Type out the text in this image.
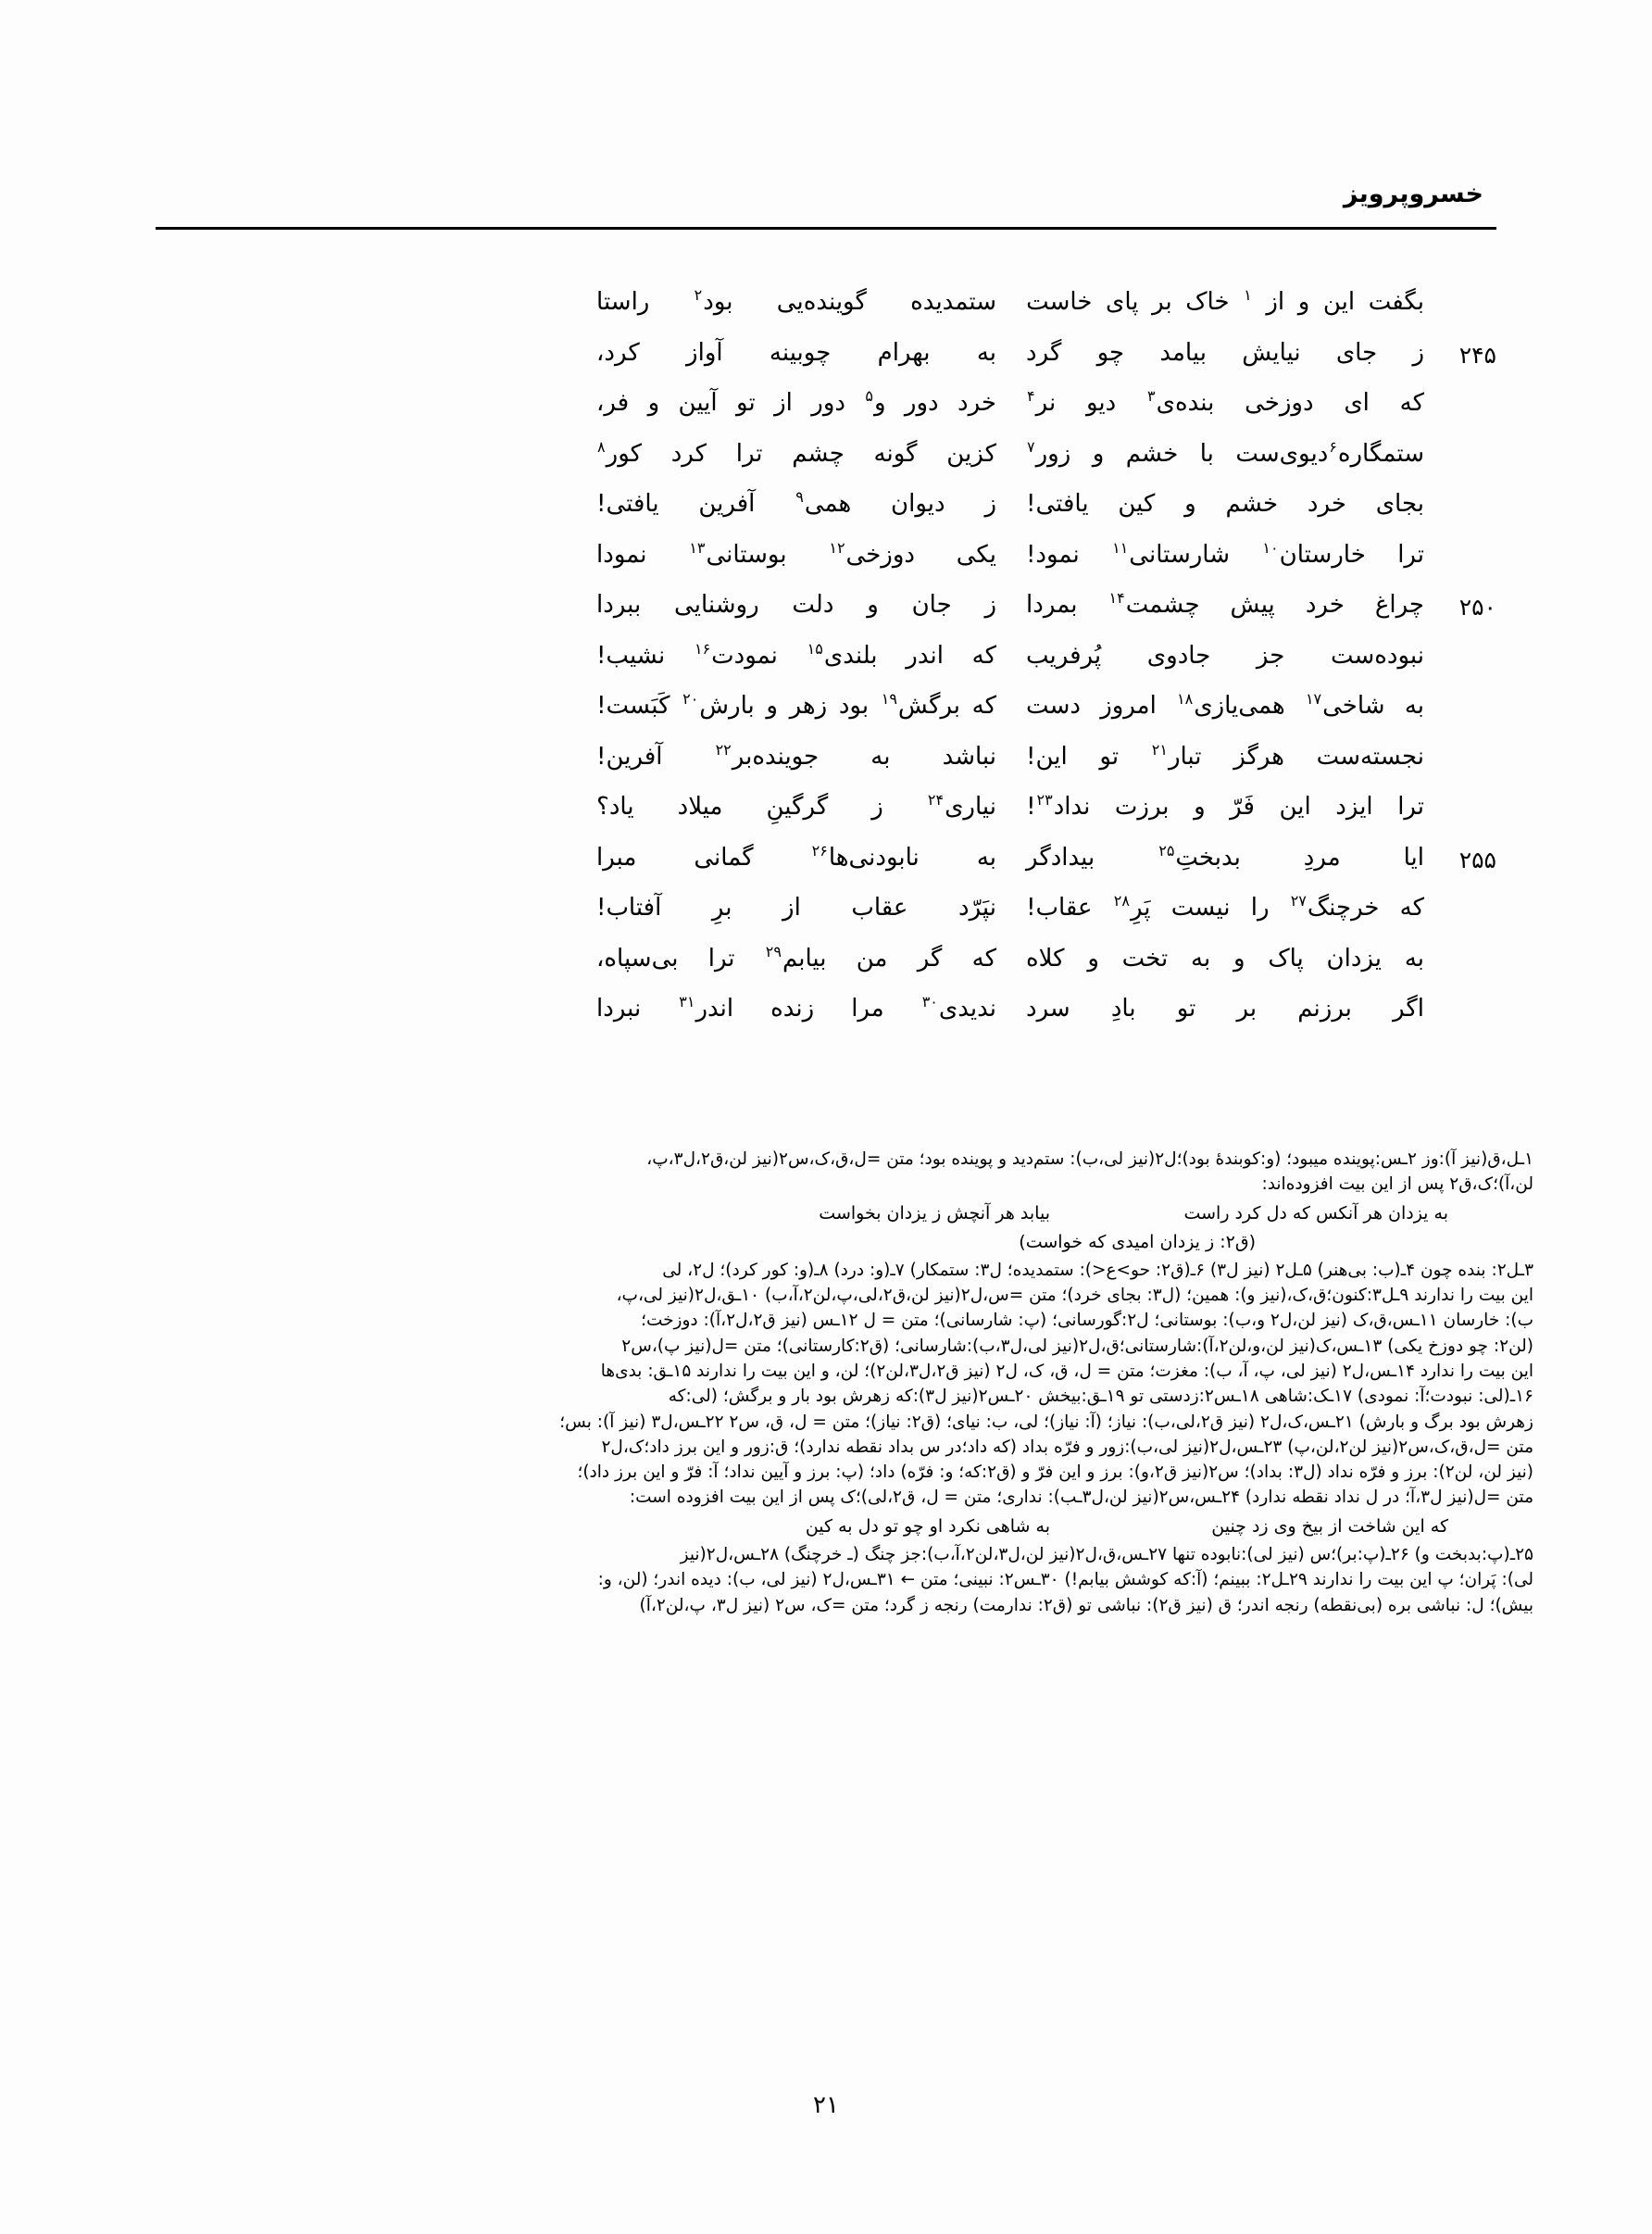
خسروپرویز
بگفت
این
و
از
$^۱$
خاک
بر
پای
خاست
ستمدیده
گوینده‌یی
بود$^۲$
راستا
۲۴۵
ز
جای
نیایش
بیامد
چو
گرد
به
بهرام
چوبینه
آواز
کرد،
که
ای
دوزخی
بنده‌ی$^۳$
دیو
نر$^۴$
خرد
دور
و$^۵$
دور
از
تو
آیین
و
فر،
ستمگاره$^۶$دیوی‌ست
با
خشم
و
زور$^۷$
کزین
گونه
چشم
ترا
کرد
کور$^۸$
بجای
خرد
خشم
و
کین
یافتی!
ز
دیوان
همی$^۹$
آفرین
یافتی!
ترا
خارستان$^{۱۰}$
شارستانی$^{۱۱}$
نمود!
یکی
دوزخی$^{۱۲}$
بوستانی$^{۱۳}$
نمودا
۲۵۰
چراغ
خرد
پیش
چشمت$^{۱۴}$
بمردا
ز
جان
و
دلت
روشنایی
ببردا
نبوده‌ست
جز
جادوی
پُرفریب
که
اندر
بلندی$^{۱۵}$
نمودت$^{۱۶}$
نشیب!
به
شاخی$^{۱۷}$
همی‌یازی$^{۱۸}$
امروز
دست
که
برگش$^{۱۹}$
بود
زهر
و
بارش$^{۲۰}$
کَبَست!
نجسته‌ست
هرگز
تبار$^{۲۱}$
تو
این!
نباشد
به
جوینده‌بر$^{۲۲}$
آفرین!
ترا
ایزد
این
فَرّ
و
برزت
نداد$^{۲۳}$!
نیاری$^{۲۴}$
ز
گرگینِ
میلاد
یاد؟
۲۵۵
ایا
مردِ
بدبختِ$^{۲۵}$
بیدادگر
به
نابودنی‌ها$^{۲۶}$
گمانی
مبرا
که
خرچنگ$^{۲۷}$
را
نیست
پَرِ$^{۲۸}$
عقاب!
نپَرّد
عقاب
از
برِ
آفتاب!
به
یزدان
پاک
و
به
تخت
و
کلاه
که
گر
من
بیابم$^{۲۹}$
ترا
بی‌سپاه،
اگر
برزنم
بر
تو
بادِ
سرد
ندیدی$^{۳۰}$
مرا
زنده
اندر$^{۳۱}$
نبردا
۱ـل،ق(نیز آ):وز ۲ـس:پوینده میبود؛ (و:کوبندۀ بود)؛ل۲(نیز لی،ب): ستم‌دید و پوینده بود؛ متن =ل،ق،ک،س۲(نیز لن،ق۲،ل۳،پ،
لن،آ)؛ک،ق۲ پس از این بیت افزوده‌اند:
به یزدان هر آنکس که دل کرد راست
بیابد هر آنچش ز یزدان بخواست
(ق۲: ز یزدان امیدی که خواست)
۳ـل۲: بنده چون ۴ـ(ب: بی‌هنر) ۵ـل۲ (نیز ل۳) ۶ـ(ق۲: حو>ع<): ستمدیده؛ ل۳: ستمکار) ۷ـ(و: درد) ۸ـ(و: کور کرد)؛ ل۲، لی
این بیت را ندارند ۹ـل۳:کنون؛ق،ک،(نیز و): همین؛ (ل۳: بجای خرد)؛ متن =س،ل۲(نیز لن،ق۲،لی،پ،لن۲،آ،ب) ۱۰ـق،ل۲(نیز لی،پ،
ب): خارسان ۱۱ـس،ق،ک (نیز لن،ل۲ و،ب): بوستانی؛ ل۲:گورسانی؛ (پ: شارسانی)؛ متن = ل ۱۲ـس (نیز ق۲،ل۲،آ): دوزخت؛
(لن۲: چو دوزخ یکی) ۱۳ـس،ک(نیز لن،و،لن۲،آ):شارستانی؛ق،ل۲(نیز لی،ل۳،ب):شارسانی؛ (ق۲:کارستانی)؛ متن =ل(نیز پ)،س۲
این بیت را ندارد ۱۴ـس،ل۲ (نیز لی، پ، آ، ب): مغزت؛ متن = ل، ق، ک، ل۲ (نیز ق۲،ل۳،لن۲)؛ لن، و این بیت را ندارند ۱۵ـق: بدی‌ها
۱۶ـ(لی: نبودت؛آ: نمودی) ۱۷ـک:شاهی ۱۸ـس۲:زدستی تو ۱۹ـق:بیخش ۲۰ـس۲(نیز ل۳):که زهرش بود بار و برگش؛ (لی:که
زهرش بود برگ و بارش) ۲۱ـس،ک،ل۲ (نیز ق۲،لی،ب): نیاز؛ (آ: نیاز)؛ لی، ب: نیای؛ (ق۲: نیاز)؛ متن = ل، ق، س۲ ۲۲ـس،ل۳ (نیز آ): بس؛
متن =ل،ق،ک،س۲(نیز لن۲،لن،پ) ۲۳ـس،ل۲(نیز لی،ب):زور و فرّه بداد (که داد؛در س بداد نقطه ندارد)؛ ق:زور و این برز داد؛ک،ل۲
(نیز لن، لن۲): برز و فرّه نداد (ل۳: بداد)؛ س۲(نیز ق۲،و): برز و این فرّ و (ق۲:که؛ و: فرّه) داد؛ (پ: برز و آیین نداد؛ آ: فرّ و این برز داد)؛
متن =ل(نیز ل۳،آ؛ در ل نداد نقطه ندارد) ۲۴ـس،س۲(نیز لن،ل۳ـب): نداری؛ متن = ل، ق۲،لی)؛ک پس از این بیت افزوده است:
که این شاخت از بیخ وی زد چنین
به شاهی نکرد او چو تو دل به کین
۲۵ـ(پ:بدبخت و) ۲۶ـ(پ:بر)؛س (نیز لی):نابوده تنها ۲۷ـس،ق،ل۲(نیز لن،ل۳،لن۲،آ،ب):جز چنگ (ـ خرچنگ) ۲۸ـس،ل۲(نیز
لی): پَران؛ پ این بیت را ندارند ۲۹ـل۲: ببینم؛ (آ:که کوشش بیابم!) ۳۰ـس۲: نبینی؛ متن ← ۳۱ـس،ل۲ (نیز لی، ب): دیده اندر؛ (لن، و:
بیش)؛ ل: نباشی بره (بی‌نقطه) رنجه اندر؛ ق (نیز ق۲): نباشی تو (ق۲: ندارمت) رنجه ز گرد؛ متن =ک، س۲ (نیز ل۳، پ،لن۲،آ)
۲۱
